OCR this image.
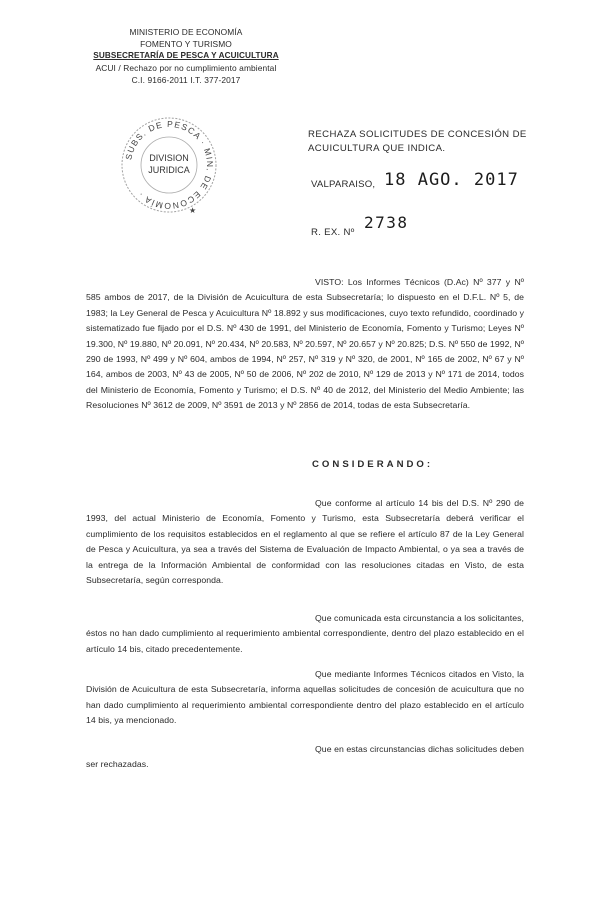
MINISTERIO DE ECONOMÍA
FOMENTO Y TURISMO
SUBSECRETARÍA DE PESCA Y ACUICULTURA
ACUI / Rechazo por no cumplimiento ambiental
C.I. 9166-2011 I.T. 377-2017
SUBS. DE PESCA · MIN. DE ECONOMÍA ·
DIVISION
JURIDICA
★
RECHAZA SOLICITUDES DE CONCESIÓN DE ACUICULTURA QUE INDICA.
VALPARAISO, 18 AGO. 2017
R. EX. Nº
2738
VISTO: Los Informes Técnicos (D.Ac) Nº 377 y Nº 585 ambos de 2017, de la División de Acuicultura de esta Subsecretaría; lo dispuesto en el D.F.L. Nº 5, de 1983; la Ley General de Pesca y Acuicultura Nº 18.892 y sus modificaciones, cuyo texto refundido, coordinado y sistematizado fue fijado por el D.S. Nº 430 de 1991, del Ministerio de Economía, Fomento y Turismo; Leyes Nº 19.300, Nº 19.880, Nº 20.091, Nº 20.434, Nº 20.583, Nº 20.597, Nº 20.657 y Nº 20.825; D.S. Nº 550 de 1992, Nº 290 de 1993, Nº 499 y Nº 604, ambos de 1994, Nº 257, Nº 319 y Nº 320, de 2001, Nº 165 de 2002, Nº 67 y Nº 164, ambos de 2003, Nº 43 de 2005, Nº 50 de 2006, Nº 202 de 2010, Nº 129 de 2013 y Nº 171 de 2014, todos del Ministerio de Economía, Fomento y Turismo; el D.S. Nº 40 de 2012, del Ministerio del Medio Ambiente; las Resoluciones Nº 3612 de 2009, Nº 3591 de 2013 y Nº 2856 de 2014, todas de esta Subsecretaría.
CONSIDERANDO:
Que conforme al artículo 14 bis del D.S. Nº 290 de 1993, del actual Ministerio de Economía, Fomento y Turismo, esta Subsecretaría deberá verificar el cumplimiento de los requisitos establecidos en el reglamento al que se refiere el artículo 87 de la Ley General de Pesca y Acuicultura, ya sea a través del Sistema de Evaluación de Impacto Ambiental, o ya sea a través de la entrega de la Información Ambiental de conformidad con las resoluciones citadas en Visto, de esta Subsecretaría, según corresponda.
Que comunicada esta circunstancia a los solicitantes, éstos no han dado cumplimiento al requerimiento ambiental correspondiente, dentro del plazo establecido en el artículo 14 bis, citado precedentemente.
Que mediante Informes Técnicos citados en Visto, la División de Acuicultura de esta Subsecretaría, informa aquellas solicitudes de concesión de acuicultura que no han dado cumplimiento al requerimiento ambiental correspondiente dentro del plazo establecido en el artículo 14 bis, ya mencionado.
Que en estas circunstancias dichas solicitudes deben ser rechazadas.
